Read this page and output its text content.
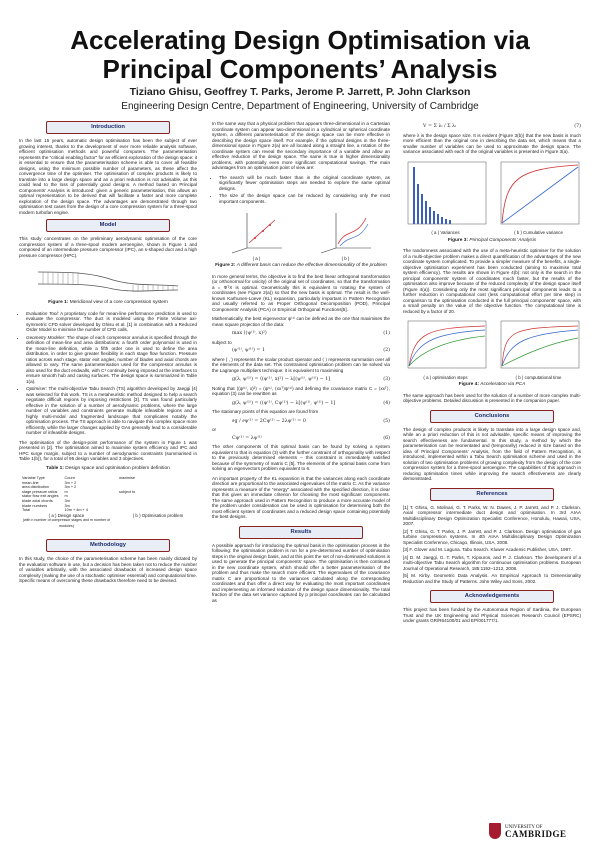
Accelerating Design Optimisation via
Principal Components’ Analysis
Tiziano Ghisu, Geoffrey T. Parks, Jerome P. Jarrett, P. John Clarkson
Engineering Design Centre, Department of Engineering, University of Cambridge
Introduction

In the last 15 years, automatic design optimisation has been the subject of ever growing interest, thanks to the development of ever more reliable analysis software, efficient optimisation methods and powerful computers. The parameterisation represents the “critical enabling factor” for an efficient exploration of the design space: it is essential to ensure that the parameterisation scheme is able to cover all feasible designs, using the minimum possible number of parameters, as these affect the convergence time of the optimiser. The optimisation of complex products is likely to translate into a large design space and an a priori reduction is not advisable, as this could lead to the loss of potentially good designs. A method based on Principal Components’ Analysis is introduced: given a generic parameterisation, this allows an optimal representation to be derived that will facilitate a faster and more complete exploration of the design space. The advantages are demonstrated through two optimisation test cases from the design of a core compression system for a three-spool modern turbofan engine.

Model

This study concentrates on the preliminary aerodynamic optimisation of the core compression system of a three-spool modern aeroengine, shown in Figure 1 and composed of an intermediate pressure compressor (IPC), an s-shaped duct and a high pressure compressor (HPC).

Figure 1: Meridional view of a core compression system
• Evaluation Tool: A proprietary code for mean-line performance prediction is used to evaluate the compressor. The duct is modeled using the Finite Volume axi-symmetric CFD solver developed by Ghisu et al. [1] in combination with a Reduced Order Model to minimise the number of CFD calls.
• Geometry Modeler: The shape of each compressor annulus is specified through the definition of mean-line and area distributions: a fourth order polynomial is used in the mean-line definition, while a fifth order one is used to define the area distribution, in order to give greater flexibility in each stage flow function. Pressure ratios across each stage, stator exit angles, number of blades and axial chords are allowed to vary. The same parameterisation used for the compressor annulus is also used for the duct endwalls, with C¹ continuity being imposed at the interfaces to ensure smooth hub and casing surfaces. The design space is summarized in Table 1(a).
• Optimiser: The multi-objective Tabu Search (TS) algorithm developed by Jaeggi [4] was selected for this work. TS is a metaheuristic method designed to help a search negotiate difficult regions by imposing restrictions [3]. TS was found particularly effective in the solution of a number of aerodynamic problems, where the large number of variables and constraints generate multiple infeasible regions and a highly multi-modal and fragmented landscape that complicates notably the optimisation process. The TS approach is able to navigate this complex space more efficiently, while the larger changes applied by GAs generally lead to a considerable number of infeasible designs.

The optimisation of the design-point performance of the system in Figure 1 was presented in [2]. The optimisation aimed to maximise system efficiency and IPC and HPC surge margin, subject to a number of aerodynamic constraints (summarised in Table 1(b)), for a total of 95 design variables and 3 objectives.

Table 1: Design space and optimisation problem definition
Variable Type	Count
mean-line	3m + 2
area distribution	3m + 2
stage pressure ratios	m
stator flow exit angles	m
blade axial chords	3m
blade numbers	3m
Total	10m + 4m + 4
( a ) Design space
(with n number of compressor stages and m number of modules)
maximise
subject to
( b ) Optimisation problem
Methodology

In this study, the choice of the parameterisation scheme has been mainly dictated by the evaluation software in use, but a decision has been taken not to reduce the number of variables arbitrarily, with the associated drawbacks of increased design space complexity (making the use of a stochastic optimiser essential) and computational time. Specific means of overcoming these drawbacks therefore need to be devised.

In the same way that a physical problem that appears three-dimensional in a Cartesian coordinate system can appear two-dimensional in a cylindrical or spherical coordinate system, a different parameterisation of the design space can be more effective in describing the design space itself. For example, if the optimal designs in the three-dimensional space in Figure 2(a) are all located along a straight line, a rotation of the coordinate system can reveal the secondary importance of a variable and allow an effective reduction of the design space. The same is true in higher dimensionality problems, with potentially even more significant computational savings. The main advantages from an optimisation point of view are:

• The search will be much faster than in the original coordinate system, as significantly fewer optimisation steps are needed to explore the same optimal designs.
• The size of the design space can be reduced by considering only the most important components.
( a )	( b )
Figure 2: A different basis can reduce the effective dimensionality of the problem

In more general terms, the objective is to find the best linear orthogonal transformation (or orthonormal for unicity) of the original set of coordinates, so that the transformation a = ΦᵀX is optimal. Geometrically this is equivalent to rotating the system of coordinates (see Figure 2(a)) so that the new basis is optimal. The result is the well-known Karhunen-Loeve (KL) expansion, particularly important in Pattern Recognition and usually referred to as Proper Orthogonal Decomposition (POD), Principal Components’ Analysis (PCA) or Empirical Orthogonal Functions[5].

Mathematically, the best eigenvector ψ⁽¹⁾ can be defined as the one that maximises the mean square projection of the data:

max ⟨(ψ⁽¹⁾, x)²⟩	(1)
subject to
(ψ⁽¹⁾, ψ⁽¹⁾) = 1	(2)

where ( , ) represents the scalar product operator and ⟨ ⟩ represents summation over all the elements of the data set. This constrained optimisation problem can be solved via the Lagrange multipliers technique: it is equivalent to maximising

g(λ, ψ⁽¹⁾) = ⟨(ψ⁽¹⁾, x)²⟩ − λ[(ψ⁽¹⁾, ψ⁽¹⁾) − 1]	(3)

Noting that ⟨(ψ⁽¹⁾, x)²⟩ = (ψ⁽¹⁾, ⟨xxᵀ⟩ψ⁽¹⁾) and defining the covariance matrix C = ⟨xxᵀ⟩, equation (3) can be rewritten as

g(λ, ψ⁽¹⁾) = ((ψ⁽¹⁾, Cψ⁽¹⁾) − λ[(ψ⁽¹⁾, ψ⁽¹⁾) − 1]	(4)

The stationary points of this equation are found from

∂g / ∂ψ⁽¹⁾ = 2Cψ⁽¹⁾ − 2λψ⁽¹⁾ = 0	(5)
or
Cψ⁽¹⁾ = λψ⁽¹⁾	(6)

The other components of this optimal basis can be found by solving a system equivalent to that in equation (3) with the further constraint of orthogonality with respect to the previously determined elements – this constraint is immediately satisfied because of the symmetry of matrix C [5]. The elements of the optimal basis come from solving an eigenvectors problem equivalent to 6.

An important property of the KL expansion is that the variances along each coordinate direction are proportional to the associated eigenvalues of the matrix C. As the variance represents a measure of the “energy” associated with the specified direction, it is clear that this gives an immediate criterion for choosing the most significant components. The same approach used in Pattern Recognition to produce a more accurate model of the problem under consideration can be used in optimisation for determining both the most efficient system of coordinates and a reduced design space containing potentially the best designs.

Results

A possible approach for introducing the optimal basis in the optimisation process is the following: the optimisation problem is run for a pre-determined number of optimisation steps in the original design basis, and at this point the set of non-dominated solutions is used to generate the principal components’ space. The optimisation is then continued in the new coordinate system, which should offer a better parameterisation of the problem and thus make the search more efficient. The eigenvalues of the covariance matrix C are proportional to the variances calculated along the corresponding coordinates and thus offer a direct way for evaluating the most important coordinates and implementing an informed reduction of the design space dimensionality. The total fraction of the data set variance captured by p principal coordinates can be calculated as

V = Σ λᵢ / Σ λᵢ	(7)

where λ is the design space size. It is evident (Figure 3(b)) that the new basis is much more efficient than the original one in describing the data set, which means that a smaller number of variables can be used to approximate the design space. The variance associated with each of the original variables is presented in Figure 3(a).

( a ) Variances	( b ) Cumulative variance
Figure 3: Principal Components’ Analysis

The randomness associated with the use of a meta-heuristic optimiser for the solution of a multi-objective problem makes a direct quantification of the advantages of the new coordinate system complicated. To provide a simpler measure of the benefits, a single-objective optimisation experiment has been conducted (aiming to maximise total system efficiency). The results are shown in Figure 4(b): not only is the search in the principal components’ system of coordinates much faster, but the results of the optimisation also improve because of the reduced complexity of the design space itself (Figure 4(a)). Considering only the most significant principal components leads to a further reduction in computational cost (less computational effort per time step) in comparison to the optimisation conducted in the full principal components’ space, with a small penalty on the value of the objective function. The computational time is reduced by a factor of 20.

( a ) optimisation steps	( b ) computational time
Figure 4: Acceleration via PCA

The same approach has been used for the solution of a number of more complex multi-objective problems. Detailed discussion is presented in the companion paper.

Conclusions

The design of complex products is likely to translate into a large design space and, while an a priori reduction of this is not advisable, specific means of improving the search effectiveness are fundamental. In this study, a method by which the parameterisation can be reorientated and (temporarily) reduced in size based on the idea of Principal Components’ Analysis, from the field of Pattern Recognition, is introduced, implemented within a Tabu Search optimisation scheme and used in the solution of two optimisation problems of growing complexity from the design of the core compression system for a three-spool aeroengine. The capabilities of this approach in reducing optimisation times while improving the search effectiveness are clearly demonstrated.

References
[1] T. Ghisu, G. Molinari, G. T. Parks, W. N. Dawes, J. P. Jarrett, and P. J. Clarkson. Axial compressor intermediate duct design and optimisation. In 3rd AIAA Multidisciplinary Design Optimization Specialist Conference, Honolulu, Hawaii, USA, 2007.
[2] T. Ghisu, G. T. Parks, J. P. Jarrett, and P. J. Clarkson. Design optimisation of gas turbine compression systems. In 4th AIAA Multidisciplinary Design Optimization Specialist Conference, Chicago, Illinois, USA, 2008.
[3] F. Glover and M. Laguna. Tabu Search. Kluwer Academic Publisher, USA, 1997.
[4] D. M. Jaeggi, G. T. Parks, T. Kipouros, and P. J. Clarkson. The development of a multi-objective Tabu Search algorithm for continuous optimisation problems. European Journal of Operational Research, 185:1192–1212, 2008.
[5] M. Kirby. Geometric Data Analysis. An Empirical Approach to Dimensionality Reduction and the Study of Patterns. John Wiley and Sons, 2002.
Acknowledgements

This project has been funded by the Autonomous Region of Sardinia, the European Trust and the UK Engineering and Physical Sciences Research Council (EPSRC) under grants GR/R64100/01 and EP/001777/1.

UNIVERSITY OF
CAMBRIDGE
